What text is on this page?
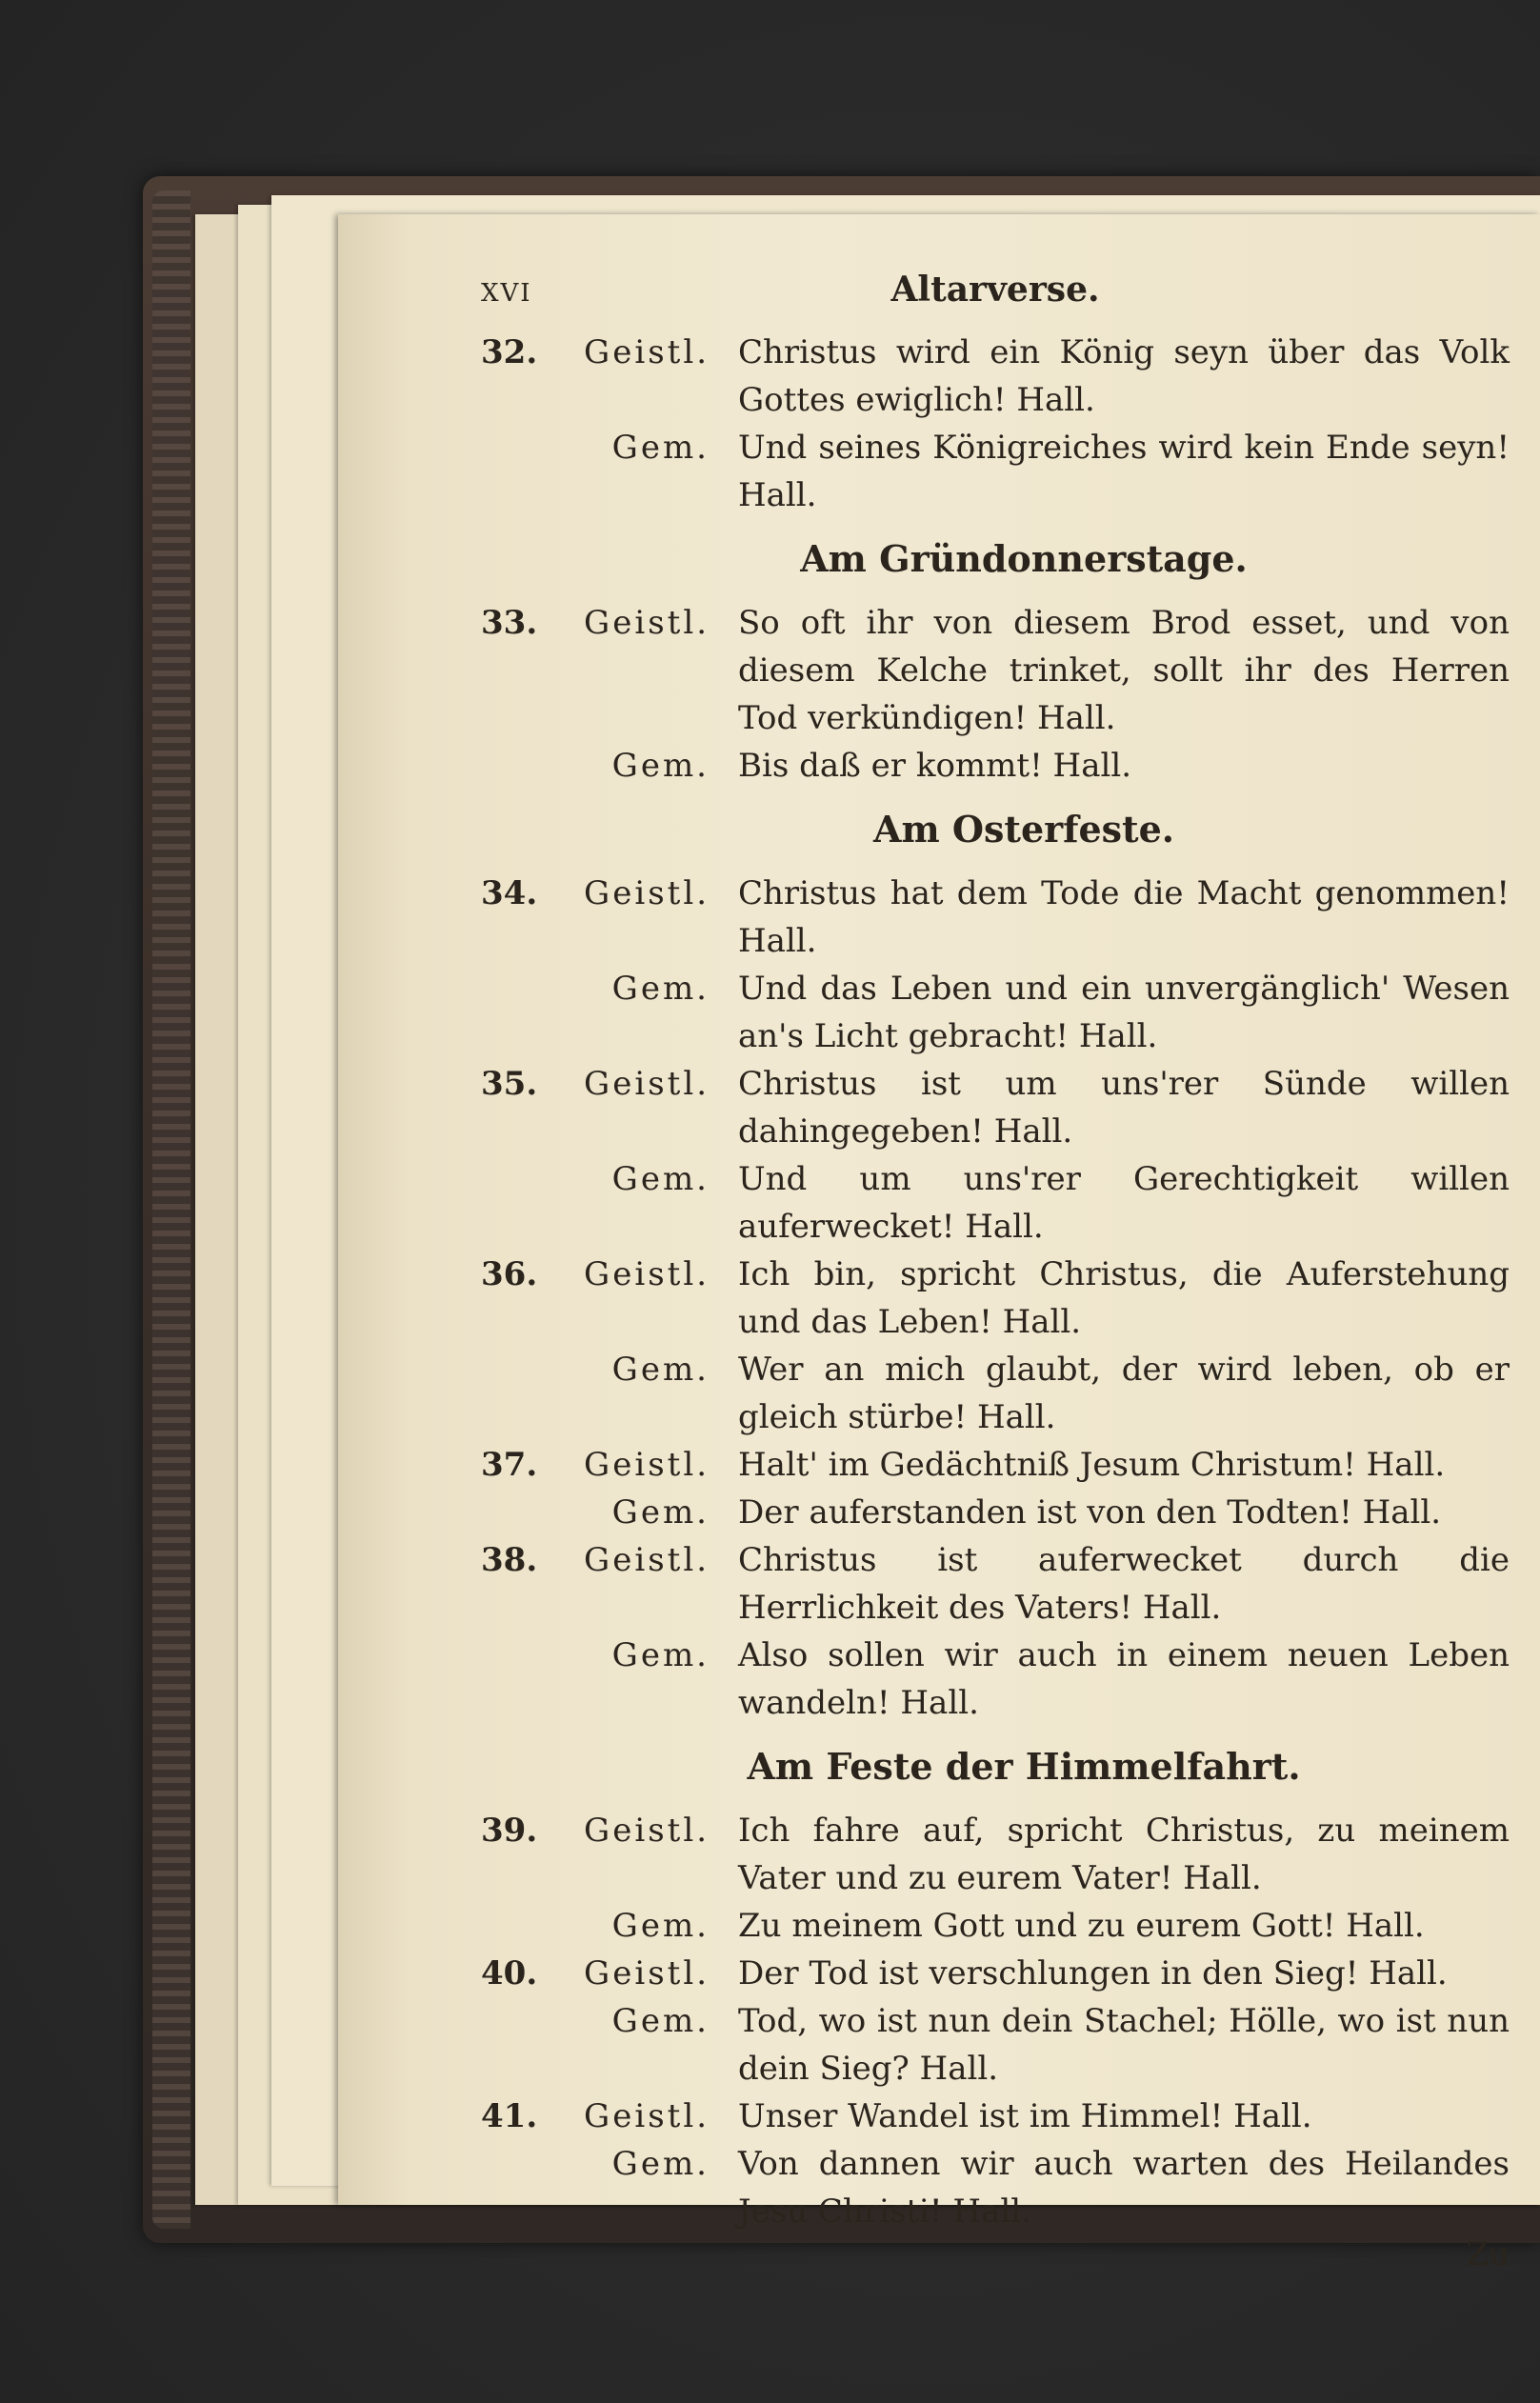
XVI	Altarverse.
32.	Geistl. Christus wird ein König seyn über das Volk Gottes ewiglich! Hall.
Gem. Und seines Königreiches wird kein Ende seyn! Hall.
Am Gründonnerstage.
33.	Geistl. So oft ihr von diesem Brod esset, und von diesem Kelche trinket, sollt ihr des Herren Tod verkündigen! Hall.
Gem. Bis daß er kommt! Hall.
Am Osterfeste.
34.	Geistl. Christus hat dem Tode die Macht genommen! Hall.
Gem. Und das Leben und ein unvergänglich' Wesen an's Licht gebracht! Hall.
35.	Geistl. Christus ist um uns'rer Sünde willen dahingegeben! Hall.
Gem. Und um uns'rer Gerechtigkeit willen auferwecket! Hall.
36.	Geistl. Ich bin, spricht Christus, die Auferstehung und das Leben! Hall.
Gem. Wer an mich glaubt, der wird leben, ob er gleich stürbe! Hall.
37.	Geistl. Halt' im Gedächtniß Jesum Christum! Hall.
Gem. Der auferstanden ist von den Todten! Hall.
38.	Geistl. Christus ist auferwecket durch die Herrlichkeit des Vaters! Hall.
Gem. Also sollen wir auch in einem neuen Leben wandeln! Hall.
Am Feste der Himmelfahrt.
39.	Geistl. Ich fahre auf, spricht Christus, zu meinem Vater und zu eurem Vater! Hall.
Gem. Zu meinem Gott und zu eurem Gott! Hall.
40.	Geistl. Der Tod ist verschlungen in den Sieg! Hall.
Gem. Tod, wo ist nun dein Stachel; Hölle, wo ist nun dein Sieg? Hall.
41.	Geistl. Unser Wandel ist im Himmel! Hall.
Gem. Von dannen wir auch warten des Heilandes Jesu Christi! Hall.
Zu
